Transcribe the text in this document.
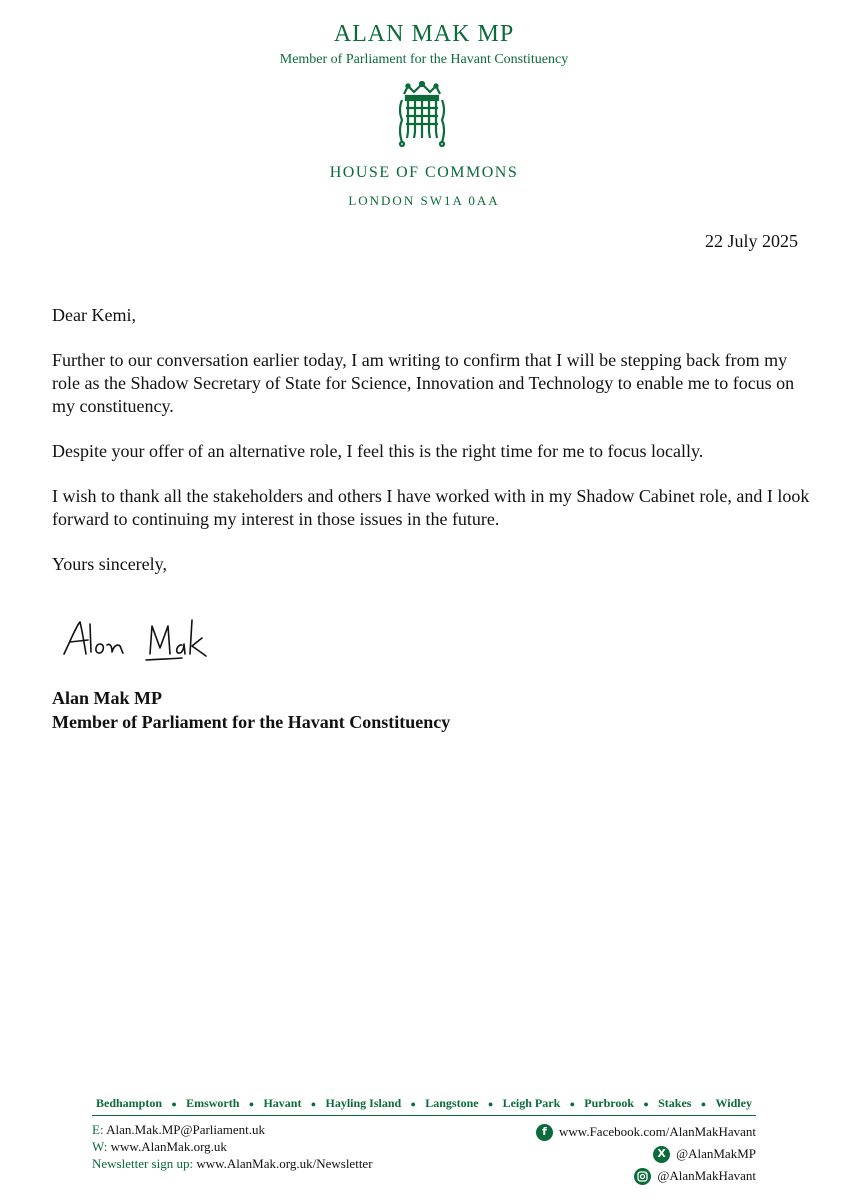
ALAN MAK MP
Member of Parliament for the Havant Constituency
HOUSE OF COMMONS
LONDON SW1A 0AA
22 July 2025

Dear Kemi,

Further to our conversation earlier today, I am writing to confirm that I will be stepping back from my role as the Shadow Secretary of State for Science, Innovation and Technology to enable me to focus on my constituency.

Despite your offer of an alternative role, I feel this is the right time for me to focus locally.

I wish to thank all the stakeholders and others I have worked with in my Shadow Cabinet role, and I look forward to continuing my interest in those issues in the future.

Yours sincerely,

Alan Mak MP
Member of Parliament for the Havant Constituency
Bedhampton ● Emsworth ● Havant ● Hayling Island ● Langstone ● Leigh Park ● Purbrook ● Stakes ● Widley
E: Alan.Mak.MP@Parliament.uk
W: www.AlanMak.org.uk
Newsletter sign up: www.AlanMak.org.uk/Newsletter
f www.Facebook.com/AlanMakHavant
X @AlanMakMP
@AlanMakHavant
